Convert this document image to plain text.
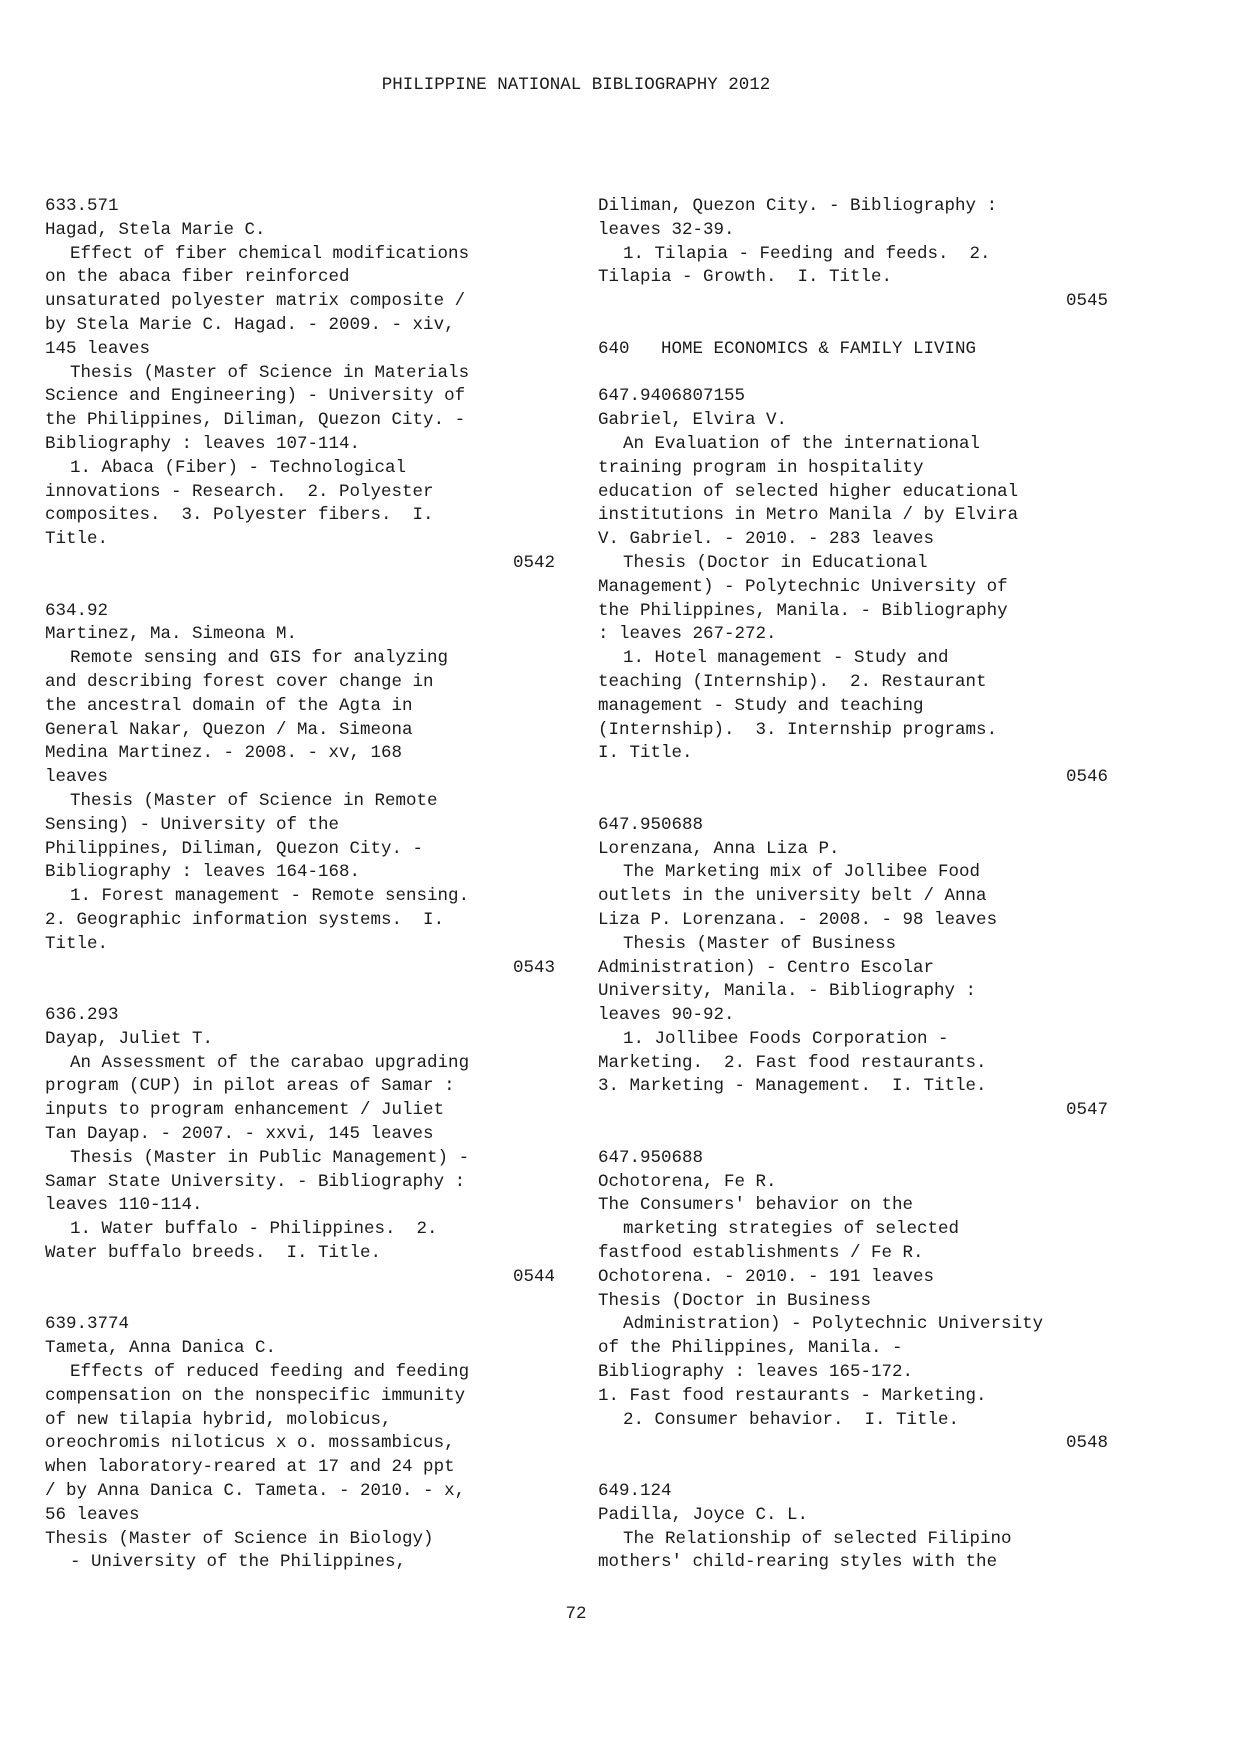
PHILIPPINE NATIONAL BIBLIOGRAPHY 2012
633.571
Hagad, Stela Marie C.
Effect of fiber chemical modifications
on the abaca fiber reinforced
unsaturated polyester matrix composite /
by Stela Marie C. Hagad. - 2009. - xiv,
145 leaves
Thesis (Master of Science in Materials
Science and Engineering) - University of
the Philippines, Diliman, Quezon City. -
Bibliography : leaves 107-114.
1. Abaca (Fiber) - Technological
innovations - Research.  2. Polyester
composites.  3. Polyester fibers.  I.
Title.
0542
634.92
Martinez, Ma. Simeona M.
Remote sensing and GIS for analyzing
and describing forest cover change in
the ancestral domain of the Agta in
General Nakar, Quezon / Ma. Simeona
Medina Martinez. - 2008. - xv, 168
leaves
Thesis (Master of Science in Remote
Sensing) - University of the
Philippines, Diliman, Quezon City. -
Bibliography : leaves 164-168.
1. Forest management - Remote sensing.
2. Geographic information systems.  I.
Title.
0543
636.293
Dayap, Juliet T.
An Assessment of the carabao upgrading
program (CUP) in pilot areas of Samar :
inputs to program enhancement / Juliet
Tan Dayap. - 2007. - xxvi, 145 leaves
Thesis (Master in Public Management) -
Samar State University. - Bibliography :
leaves 110-114.
1. Water buffalo - Philippines.  2.
Water buffalo breeds.  I. Title.
0544
639.3774
Tameta, Anna Danica C.
Effects of reduced feeding and feeding
compensation on the nonspecific immunity
of new tilapia hybrid, molobicus,
oreochromis niloticus x o. mossambicus,
when laboratory-reared at 17 and 24 ppt
/ by Anna Danica C. Tameta. - 2010. - x,
56 leaves
Thesis (Master of Science in Biology)
- University of the Philippines,
Diliman, Quezon City. - Bibliography :
leaves 32-39.
1. Tilapia - Feeding and feeds.  2.
Tilapia - Growth.  I. Title.
0545
640   HOME ECONOMICS & FAMILY LIVING
647.9406807155
Gabriel, Elvira V.
An Evaluation of the international
training program in hospitality
education of selected higher educational
institutions in Metro Manila / by Elvira
V. Gabriel. - 2010. - 283 leaves
Thesis (Doctor in Educational
Management) - Polytechnic University of
the Philippines, Manila. - Bibliography
: leaves 267-272.
1. Hotel management - Study and
teaching (Internship).  2. Restaurant
management - Study and teaching
(Internship).  3. Internship programs.
I. Title.
0546
647.950688
Lorenzana, Anna Liza P.
The Marketing mix of Jollibee Food
outlets in the university belt / Anna
Liza P. Lorenzana. - 2008. - 98 leaves
Thesis (Master of Business
Administration) - Centro Escolar
University, Manila. - Bibliography :
leaves 90-92.
1. Jollibee Foods Corporation -
Marketing.  2. Fast food restaurants.
3. Marketing - Management.  I. Title.
0547
647.950688
Ochotorena, Fe R.
The Consumers' behavior on the
marketing strategies of selected
fastfood establishments / Fe R.
Ochotorena. - 2010. - 191 leaves
Thesis (Doctor in Business
Administration) - Polytechnic University
of the Philippines, Manila. -
Bibliography : leaves 165-172.
1. Fast food restaurants - Marketing.
2. Consumer behavior.  I. Title.
0548
649.124
Padilla, Joyce C. L.
The Relationship of selected Filipino
mothers' child-rearing styles with the
72
